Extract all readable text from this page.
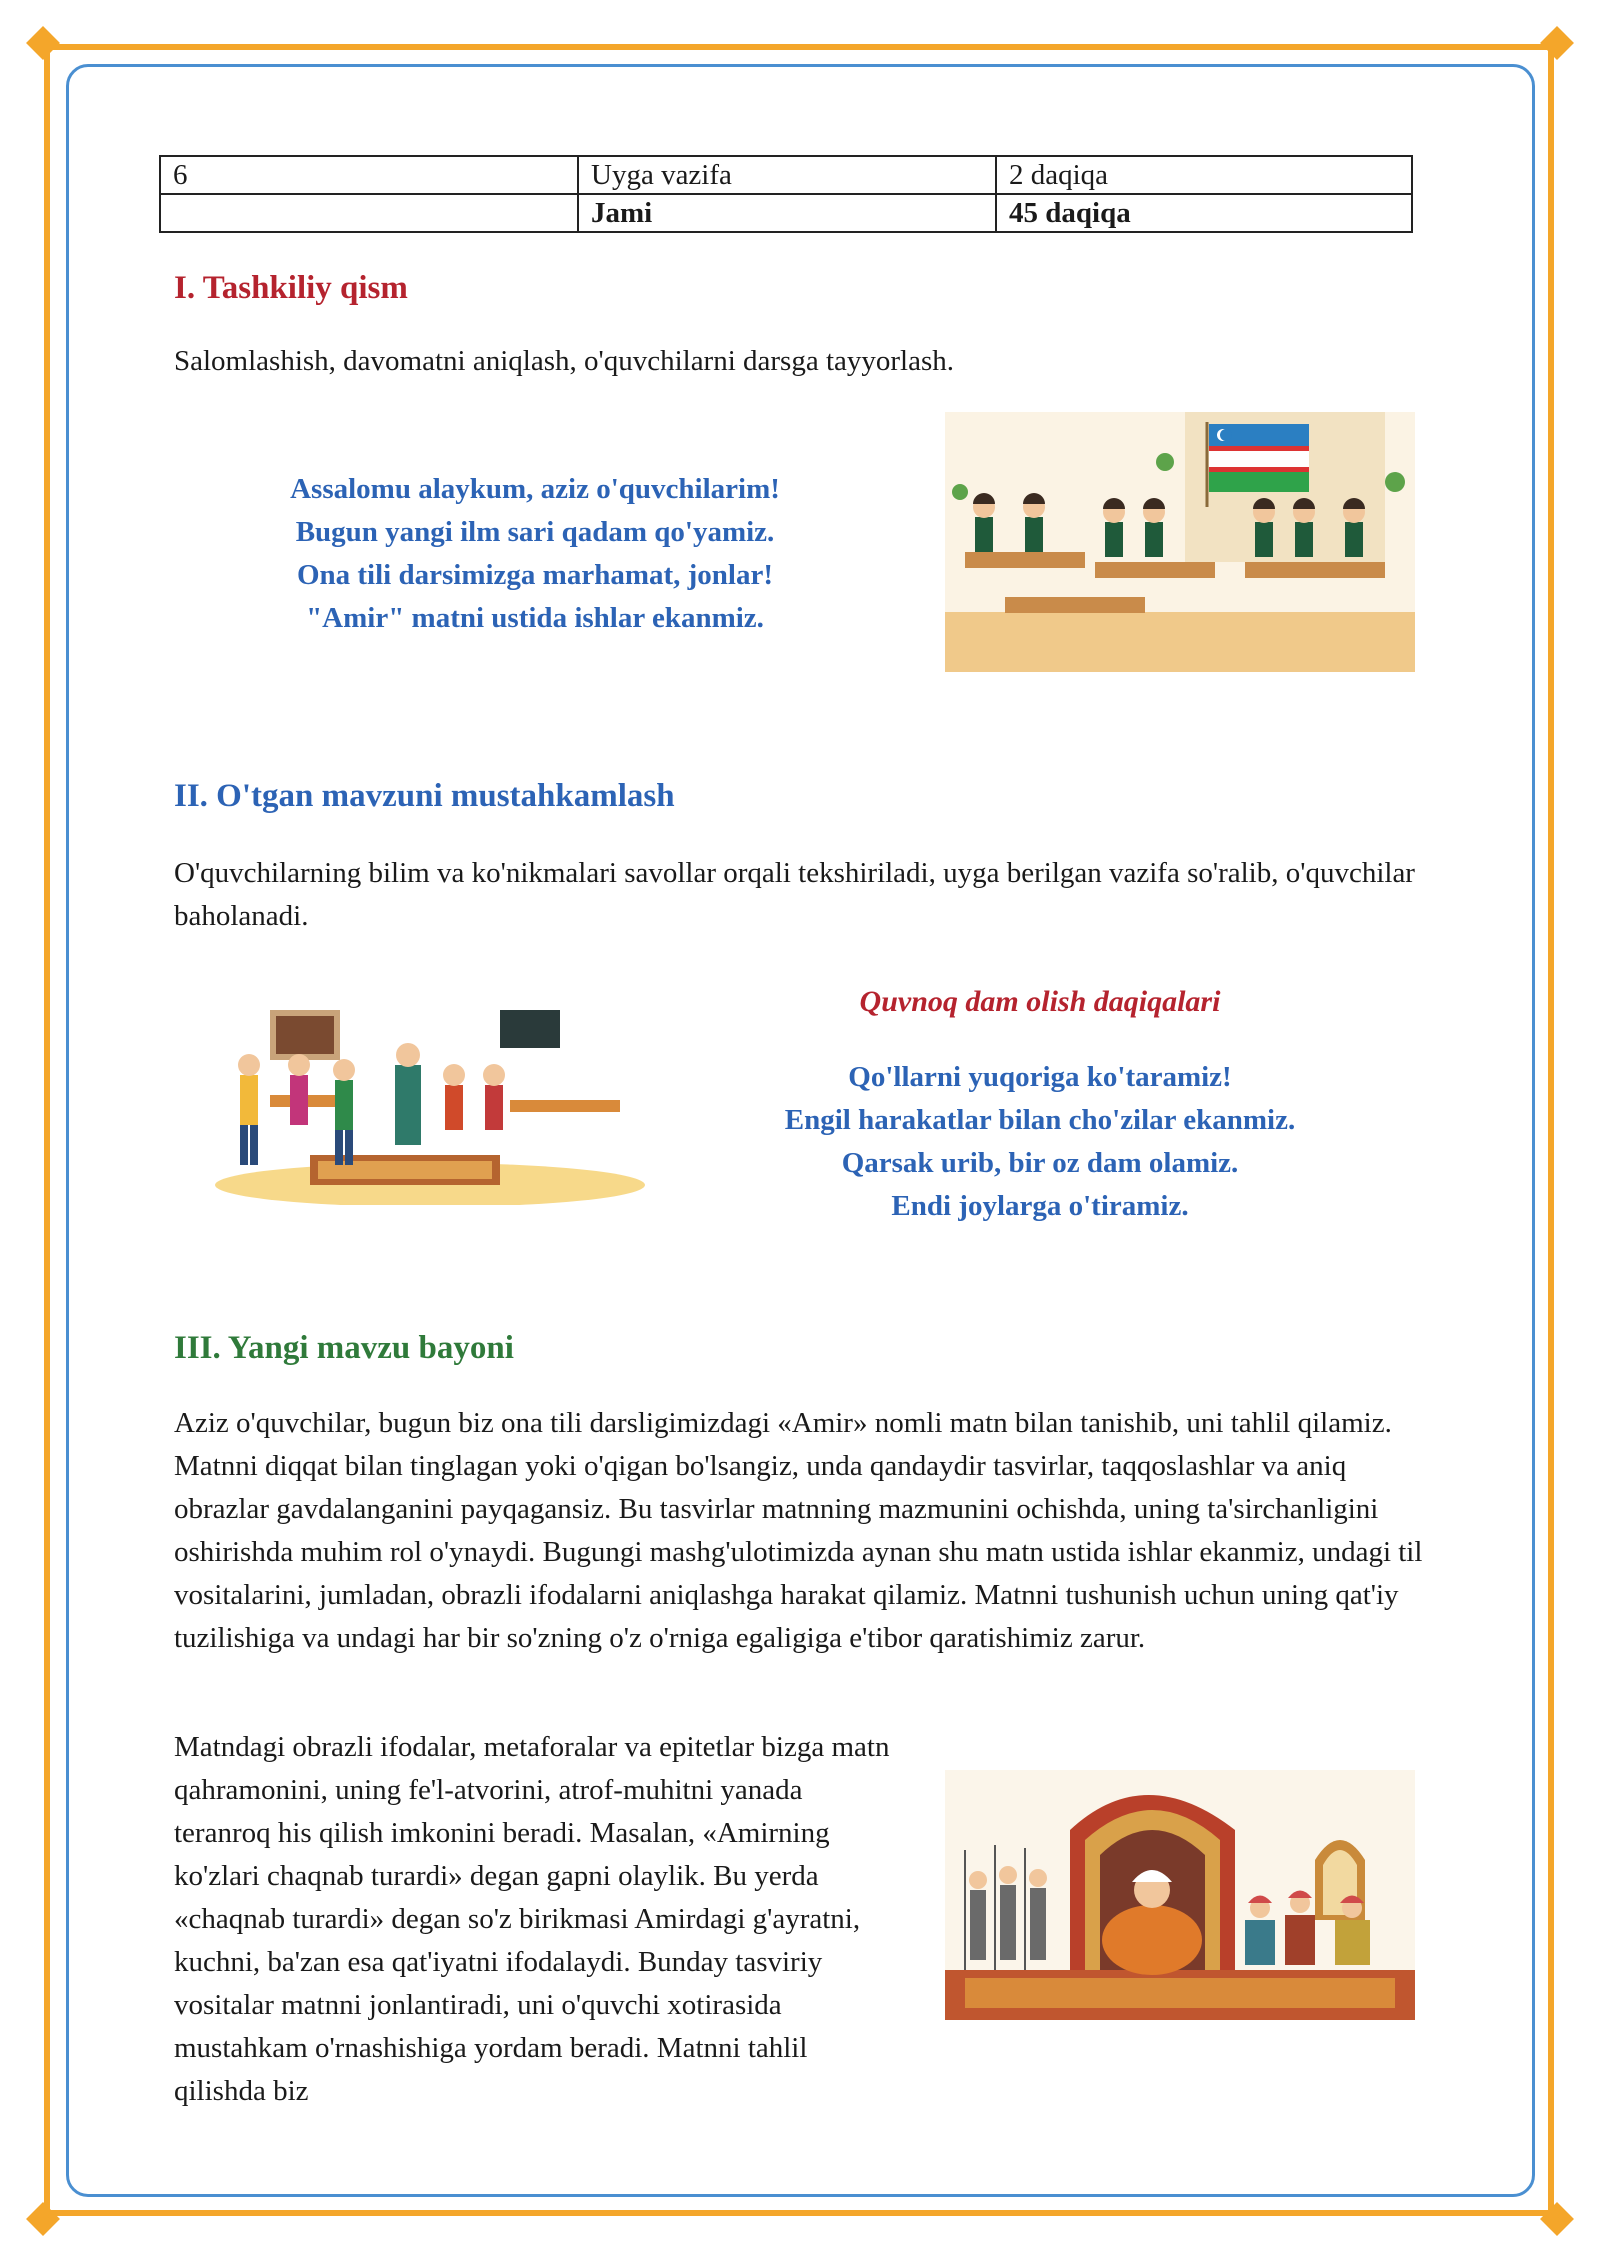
6	Uyga vazifa	2 daqiqa
	Jami	45 daqiqa
I. Tashkiliy qism
Salomlashish, davomatni aniqlash, o'quvchilarni darsga tayyorlash.
Assalomu alaykum, aziz o'quvchilarim!
Bugun yangi ilm sari qadam qo'yamiz.
Ona tili darsimizga marhamat, jonlar!
"Amir" matni ustida ishlar ekanmiz.
II. O'tgan mavzuni mustahkamlash
O'quvchilarning bilim va ko'nikmalari savollar orqali tekshiriladi, uyga berilgan vazifa so'ralib, o'quvchilar baholanadi.
Quvnoq dam olish daqiqalari
Qo'llarni yuqoriga ko'taramiz!
Engil harakatlar bilan cho'zilar ekanmiz.
Qarsak urib, bir oz dam olamiz.
Endi joylarga o'tiramiz.
III. Yangi mavzu bayoni
Aziz o'quvchilar, bugun biz ona tili darsligimizdagi «Amir» nomli matn bilan tanishib, uni tahlil qilamiz. Matnni diqqat bilan tinglagan yoki o'qigan bo'lsangiz, unda qandaydir tasvirlar, taqqoslashlar va aniq obrazlar gavdalanganini payqagansiz. Bu tasvirlar matnning mazmunini ochishda, uning ta'sirchanligini oshirishda muhim rol o'ynaydi. Bugungi mashg'ulotimizda aynan shu matn ustida ishlar ekanmiz, undagi til vositalarini, jumladan, obrazli ifodalarni aniqlashga harakat qilamiz. Matnni tushunish uchun uning qat'iy tuzilishiga va undagi har bir so'zning o'z o'rniga egaligiga e'tibor qaratishimiz zarur.
Matndagi obrazli ifodalar, metaforalar va epitetlar bizga matn qahramonini, uning fe'l-atvorini, atrof-muhitni yanada teranroq his qilish imkonini beradi. Masalan, «Amirning ko'zlari chaqnab turardi» degan gapni olaylik. Bu yerda «chaqnab turardi» degan so'z birikmasi Amirdagi g'ayratni, kuchni, ba'zan esa qat'iyatni ifodalaydi. Bunday tasviriy vositalar matnni jonlantiradi, uni o'quvchi xotirasida mustahkam o'rnashishiga yordam beradi. Matnni tahlil qilishda biz
